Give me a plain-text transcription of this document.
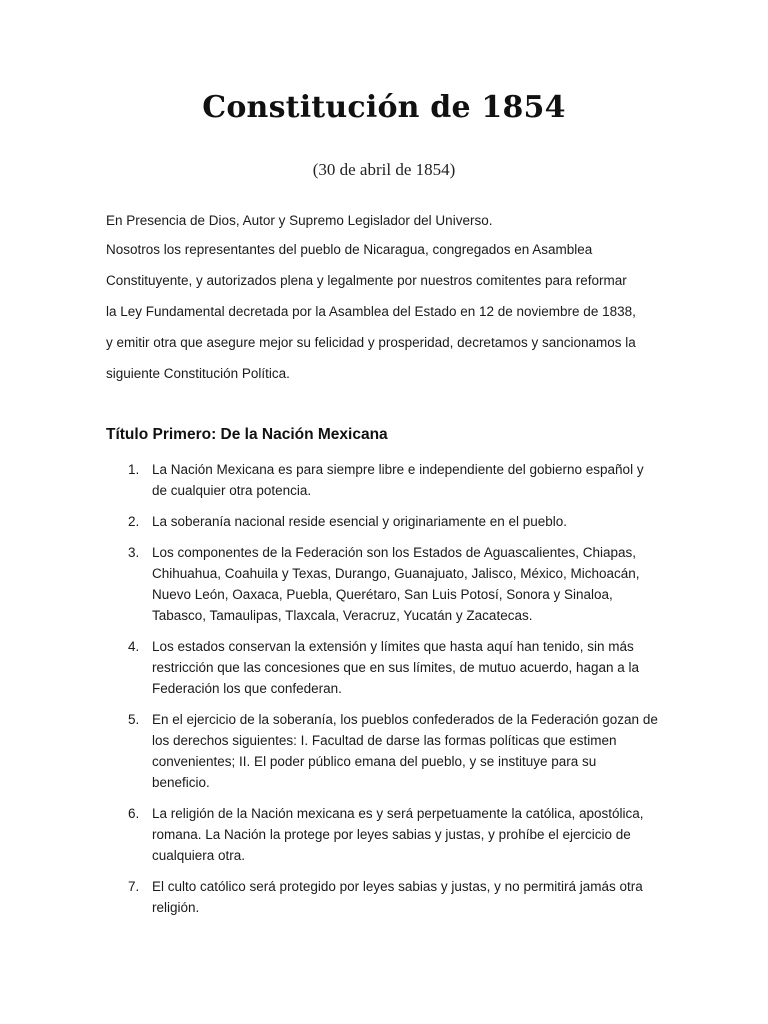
Constitución de 1854
(30 de abril de 1854)
En Presencia de Dios, Autor y Supremo Legislador del Universo.
Nosotros los representantes del pueblo de Nicaragua, congregados en Asamblea
Constituyente, y autorizados plena y legalmente por nuestros comitentes para reformar
la Ley Fundamental decretada por la Asamblea del Estado en 12 de noviembre de 1838,
y emitir otra que asegure mejor su felicidad y prosperidad, decretamos y sancionamos la
siguiente Constitución Política.
Título Primero: De la Nación Mexicana
1. La Nación Mexicana es para siempre libre e independiente del gobierno español y
de cualquier otra potencia.
2. La soberanía nacional reside esencial y originariamente en el pueblo.
3. Los componentes de la Federación son los Estados de Aguascalientes, Chiapas,
Chihuahua, Coahuila y Texas, Durango, Guanajuato, Jalisco, México, Michoacán,
Nuevo León, Oaxaca, Puebla, Querétaro, San Luis Potosí, Sonora y Sinaloa,
Tabasco, Tamaulipas, Tlaxcala, Veracruz, Yucatán y Zacatecas.
4. Los estados conservan la extensión y límites que hasta aquí han tenido, sin más
restricción que las concesiones que en sus límites, de mutuo acuerdo, hagan a la
Federación los que confederan.
5. En el ejercicio de la soberanía, los pueblos confederados de la Federación gozan de
los derechos siguientes: I. Facultad de darse las formas políticas que estimen
convenientes; II. El poder público emana del pueblo, y se instituye para su
beneficio.
6. La religión de la Nación mexicana es y será perpetuamente la católica, apostólica,
romana. La Nación la protege por leyes sabias y justas, y prohíbe el ejercicio de
cualquiera otra.
7. El culto católico será protegido por leyes sabias y justas, y no permitirá jamás otra
religión.
